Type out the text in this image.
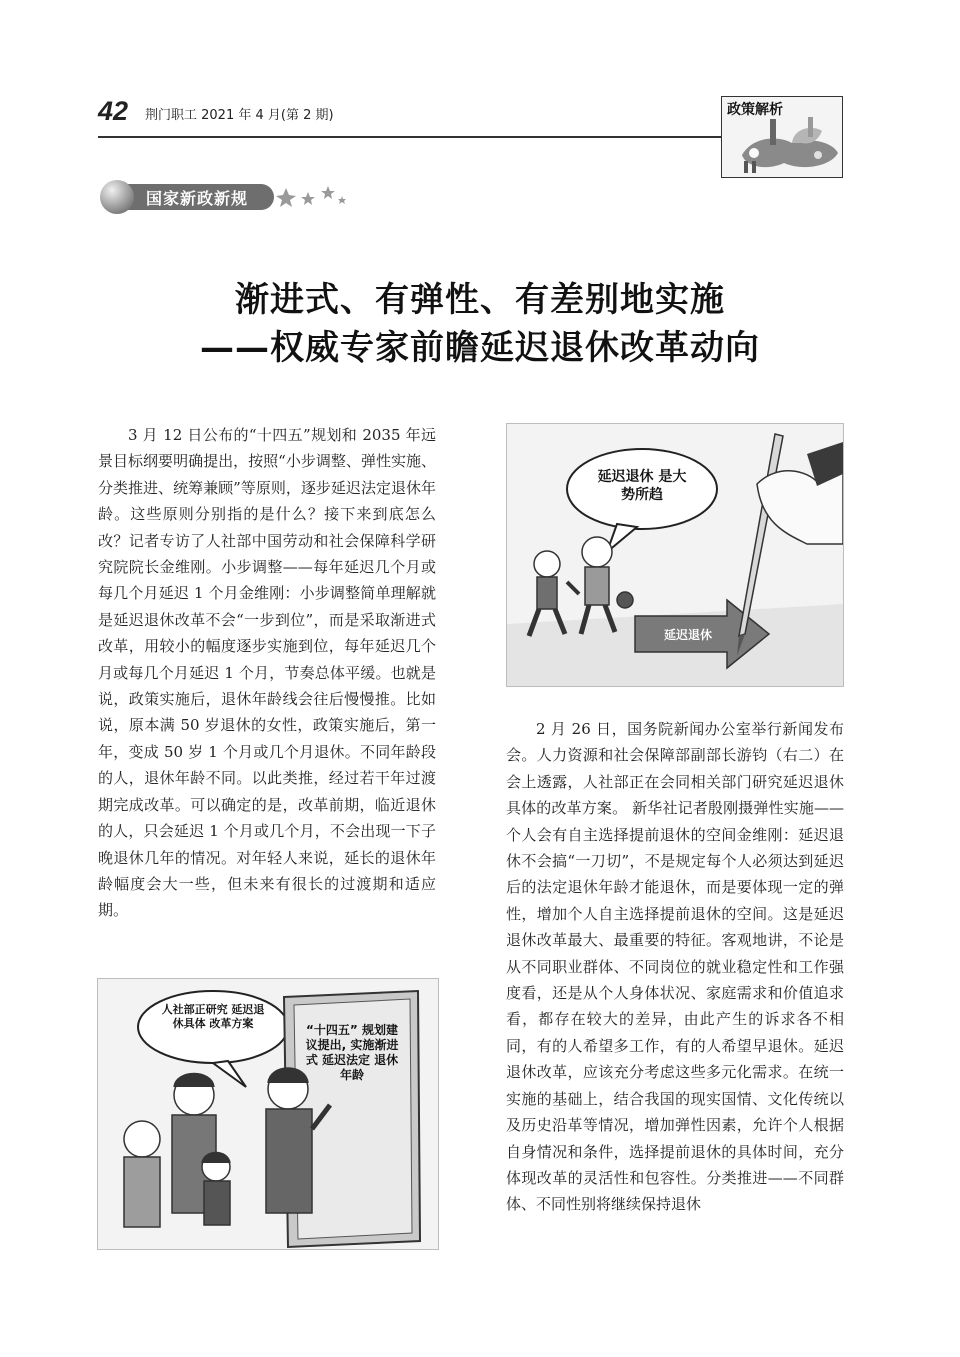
42 荆门职工 2021 年 4 月(第 2 期)	政策解析
国家新政新规
渐进式、有弹性、有差别地实施
——权威专家前瞻延迟退休改革动向

3 月 12 日公布的“十四五”规划和 2035 年远景目标纲要明确提出，按照“小步调整、弹性实施、分类推进、统筹兼顾”等原则，逐步延迟法定退休年龄。这些原则分别指的是什么？接下来到底怎么改？记者专访了人社部中国劳动和社会保障科学研究院院长金维刚。小步调整——每年延迟几个月或每几个月延迟 1 个月金维刚：小步调整简单理解就是延迟退休改革不会“一步到位”，而是采取渐进式改革，用较小的幅度逐步实施到位，每年延迟几个月或每几个月延迟 1 个月，节奏总体平缓。也就是说，政策实施后，退休年龄线会往后慢慢推。比如说，原本满 50 岁退休的女性，政策实施后，第一年，变成 50 岁 1 个月或几个月退休。不同年龄段的人，退休年龄不同。以此类推，经过若干年过渡期完成改革。可以确定的是，改革前期，临近退休的人，只会延迟 1 个月或几个月，不会出现一下子晚退休几年的情况。对年轻人来说，延长的退休年龄幅度会大一些，但未来有很长的过渡期和适应期。

延迟退休 是大势所趋
延迟退休

2 月 26 日，国务院新闻办公室举行新闻发布会。人力资源和社会保障部副部长游钧（右二）在会上透露，人社部正在会同相关部门研究延迟退休具体的改革方案。 新华社记者殷刚摄弹性实施——个人会有自主选择提前退休的空间金维刚：延迟退休不会搞“一刀切”，不是规定每个人必须达到延迟后的法定退休年龄才能退休，而是要体现一定的弹性，增加个人自主选择提前退休的空间。这是延迟退休改革最大、最重要的特征。客观地讲，不论是从不同职业群体、不同岗位的就业稳定性和工作强度看，还是从个人身体状况、家庭需求和价值追求看，都存在较大的差异，由此产生的诉求各不相同，有的人希望多工作，有的人希望早退休。延迟退休改革，应该充分考虑这些多元化需求。在统一实施的基础上，结合我国的现实国情、文化传统以及历史沿革等情况，增加弹性因素，允许个人根据自身情况和条件，选择提前退休的具体时间，充分体现改革的灵活性和包容性。分类推进——不同群体、不同性别将继续保持退休

人社部正研究 延迟退休具体 改革方案	“十四五” 规划建议提出, 实施渐进式 延迟法定 退休年龄
